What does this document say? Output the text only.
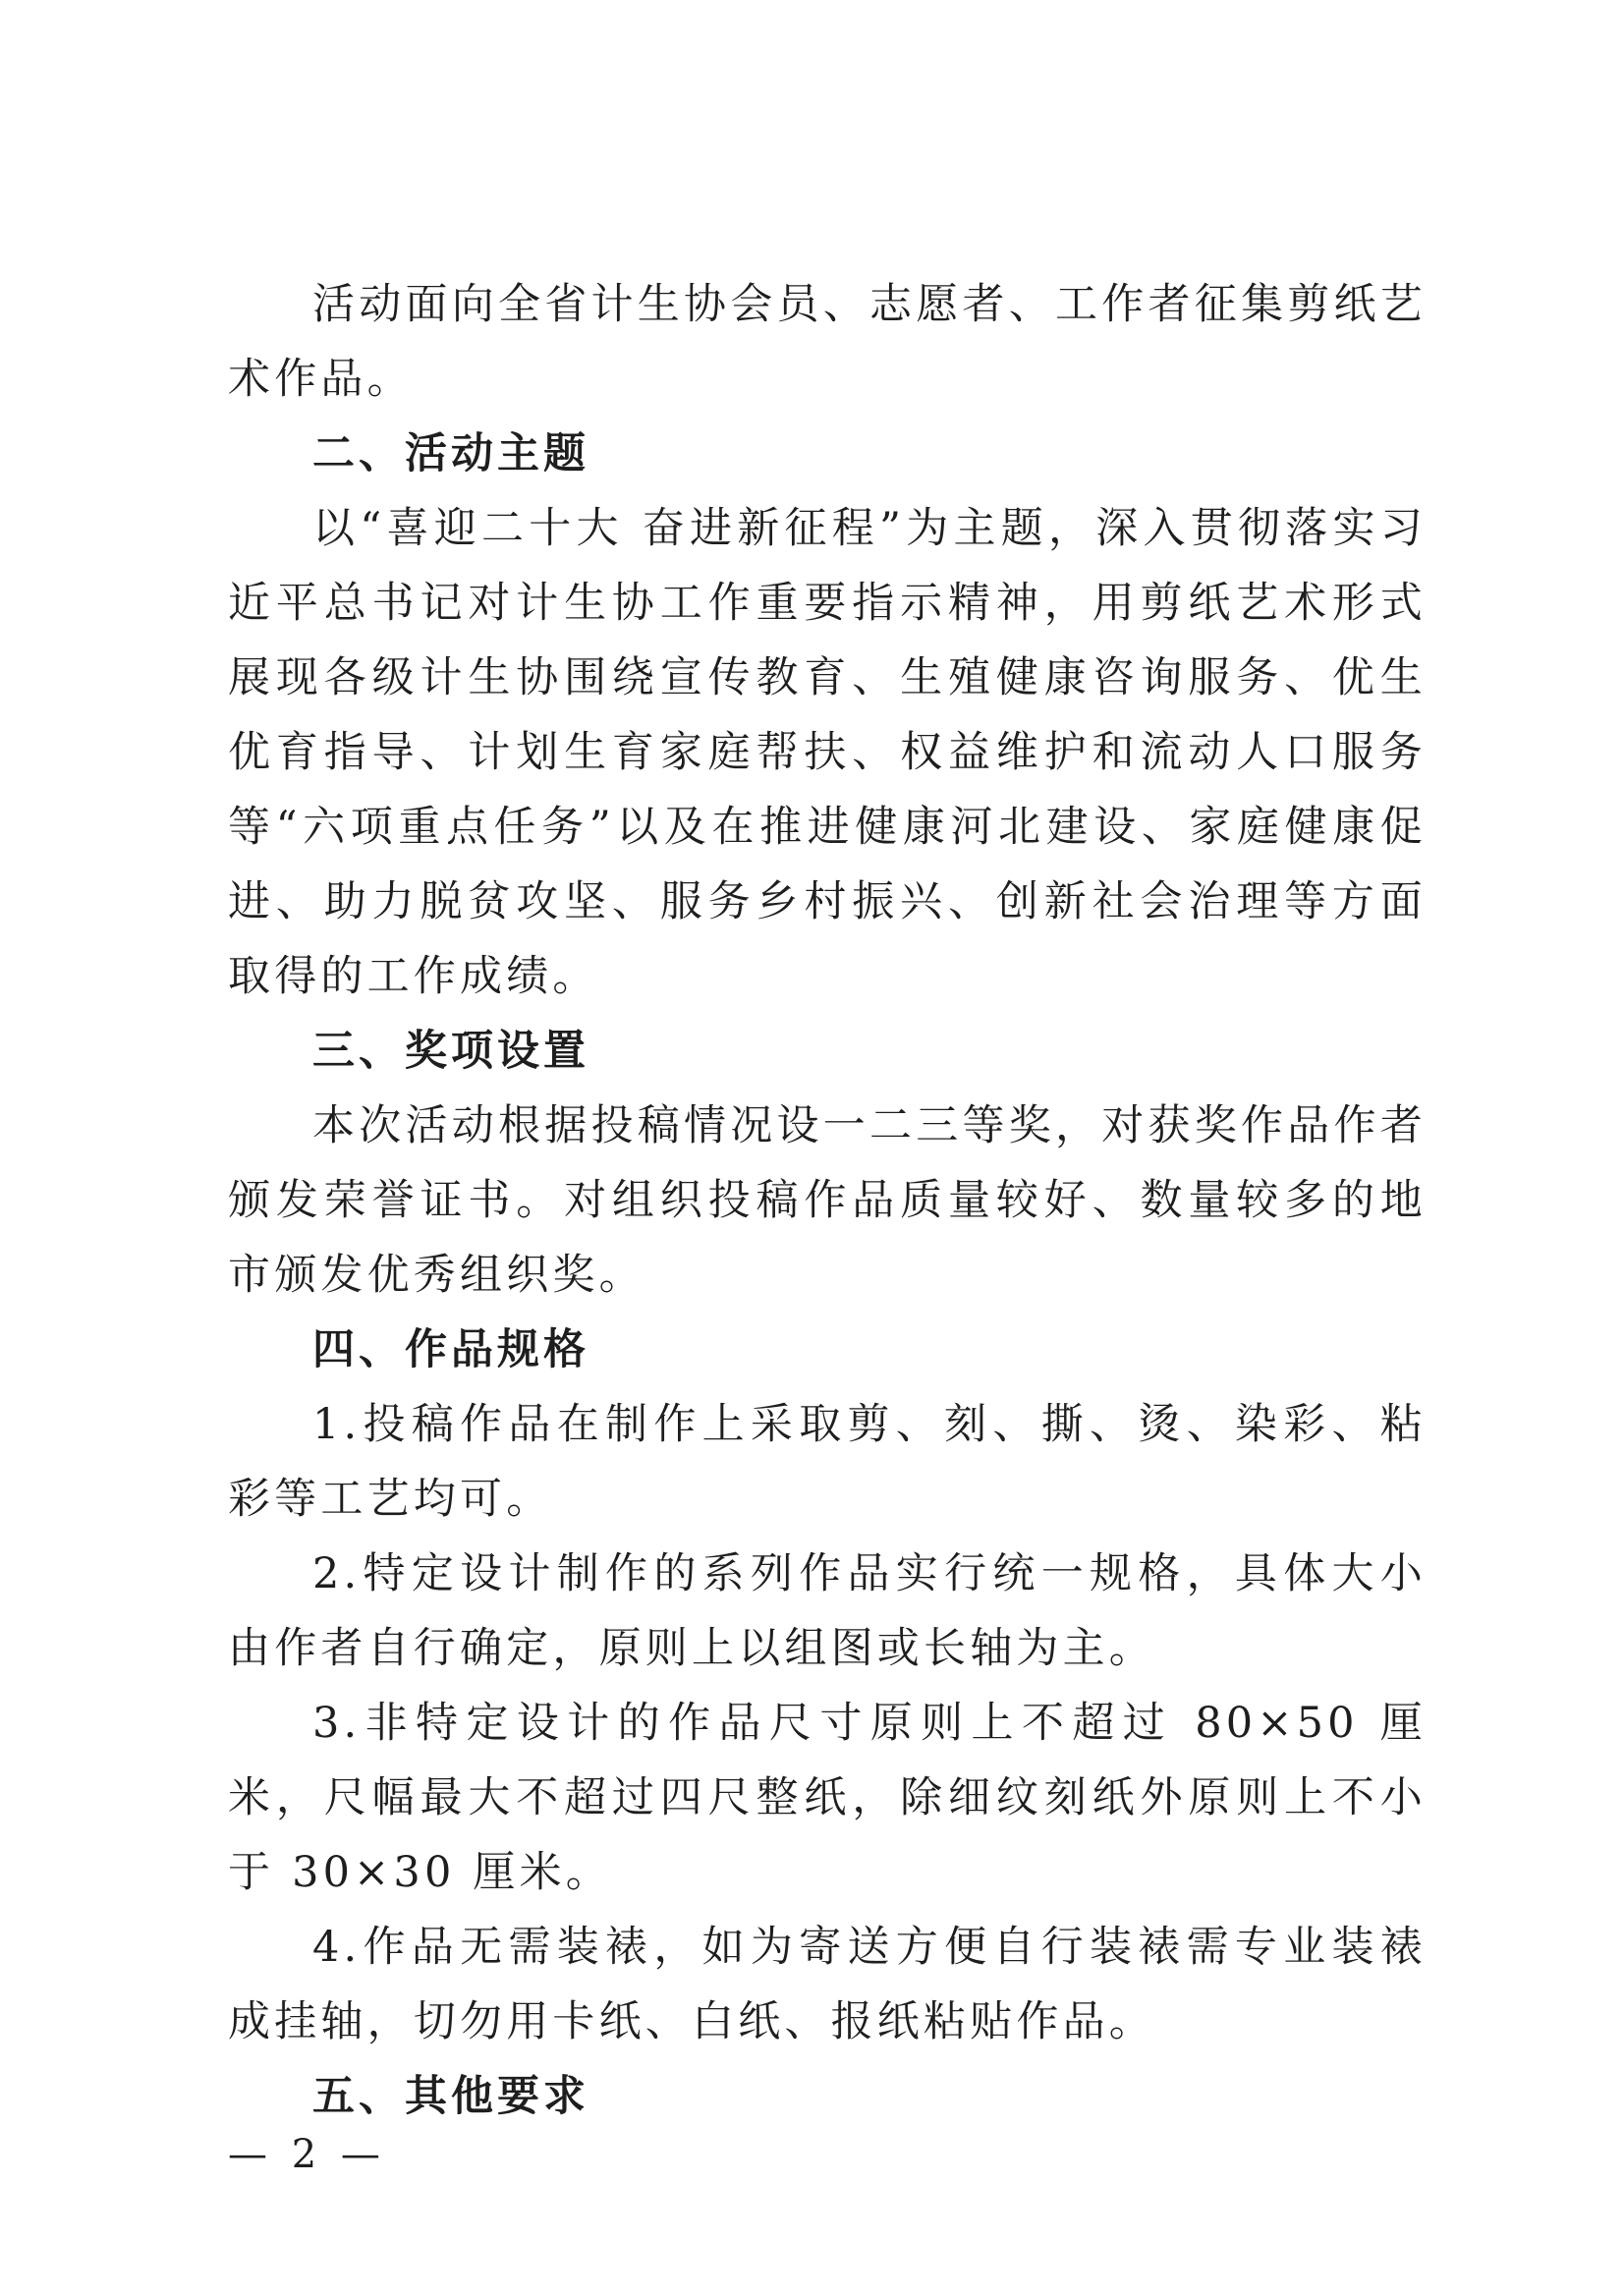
活动面向全省计生协会员、志愿者、工作者征集剪纸艺术作品。

二、活动主题

以“喜迎二十大 奋进新征程”为主题，深入贯彻落实习近平总书记对计生协工作重要指示精神，用剪纸艺术形式展现各级计生协围绕宣传教育、生殖健康咨询服务、优生优育指导、计划生育家庭帮扶、权益维护和流动人口服务等“六项重点任务”以及在推进健康河北建设、家庭健康促进、助力脱贫攻坚、服务乡村振兴、创新社会治理等方面取得的工作成绩。

三、奖项设置

本次活动根据投稿情况设一二三等奖，对获奖作品作者颁发荣誉证书。对组织投稿作品质量较好、数量较多的地市颁发优秀组织奖。

四、作品规格

1.投稿作品在制作上采取剪、刻、撕、烫、染彩、粘彩等工艺均可。

2.特定设计制作的系列作品实行统一规格，具体大小由作者自行确定，原则上以组图或长轴为主。

3.非特定设计的作品尺寸原则上不超过 80×50 厘米，尺幅最大不超过四尺整纸，除细纹刻纸外原则上不小于 30×30 厘米。

4.作品无需装裱，如为寄送方便自行装裱需专业装裱成挂轴，切勿用卡纸、白纸、报纸粘贴作品。

五、其他要求

— 2 —
